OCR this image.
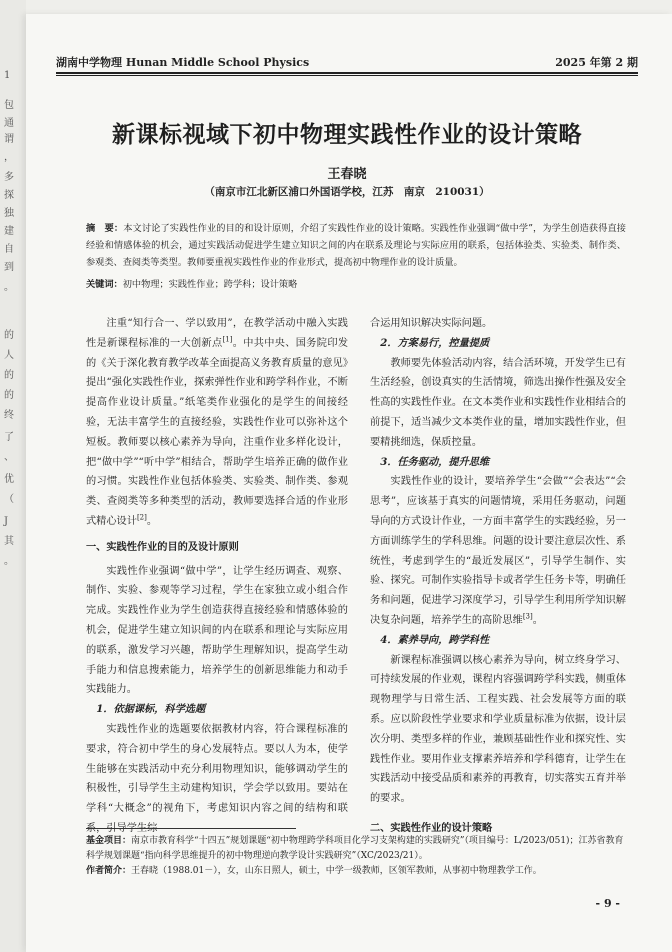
1
包
通
谓
，
多
探
独
建
自
到
。
的
人
的
的
终
了
、
优
（
J
其
。
湖南中学物理 Hunan Middle School Physics	2025 年第 2 期
新课标视域下初中物理实践性作业的设计策略
王春晓
（南京市江北新区浦口外国语学校，江苏　南京　210031）
摘　要：本文讨论了实践性作业的目的和设计原则，介绍了实践性作业的设计策略。实践性作业强调“做中学”，为学生创造获得直接经验和情感体验的机会，通过实践活动促进学生建立知识之间的内在联系及理论与实际应用的联系，包括体验类、实验类、制作类、参观类、查阅类等类型。教师要重视实践性作业的作业形式，提高初中物理作业的设计质量。
关键词：初中物理；实践性作业；跨学科；设计策略

注重“知行合一、学以致用”，在教学活动中融入实践性是新课程标准的一大创新点[1]。中共中央、国务院印发的《关于深化教育教学改革全面提高义务教育质量的意见》提出“强化实践性作业，探索弹性作业和跨学科作业，不断提高作业设计质量。”纸笔类作业强化的是学生的间接经验，无法丰富学生的直接经验，实践性作业可以弥补这个短板。教师要以核心素养为导向，注重作业多样化设计，把“做中学”“听中学”相结合，帮助学生培养正确的做作业的习惯。实践性作业包括体验类、实验类、制作类、参观类、查阅类等多种类型的活动，教师要选择合适的作业形式精心设计[2]。

一、实践性作业的目的及设计原则

实践性作业强调“做中学”，让学生经历调查、观察、制作、实验、参观等学习过程，学生在家独立或小组合作完成。实践性作业为学生创造获得直接经验和情感体验的机会，促进学生建立知识间的内在联系和理论与实际应用的联系，激发学习兴趣，帮助学生理解知识，提高学生动手能力和信息搜索能力，培养学生的创新思维能力和动手实践能力。

1．依据课标，科学选题

实践性作业的选题要依据教材内容，符合课程标准的要求，符合初中学生的身心发展特点。要以人为本，使学生能够在实践活动中充分利用物理知识，能够调动学生的积极性，引导学生主动建构知识，学会学以致用。要站在学科“大概念”的视角下，考虑知识内容之间的结构和联系，引导学生综

合运用知识解决实际问题。

2．方案易行，控量提质

教师要先体验活动内容，结合活环境，开发学生已有生活经验，创设真实的生活情境，筛选出操作性强及安全性高的实践性作业。在文本类作业和实践性作业相结合的前提下，适当减少文本类作业的量，增加实践性作业，但要精挑细选，保质控量。

3．任务驱动，提升思维

实践性作业的设计，要培养学生“会做”“会表达”“会思考”，应该基于真实的问题情境，采用任务驱动，问题导向的方式设计作业，一方面丰富学生的实践经验，另一方面训练学生的学科思维。问题的设计要注意层次性、系统性，考虑到学生的“最近发展区”，引导学生制作、实验、探究。可制作实验指导卡或者学生任务卡等，明确任务和问题，促进学习深度学习，引导学生利用所学知识解决复杂问题，培养学生的高阶思维[3]。

4．素养导向，跨学科性

新课程标准强调以核心素养为导向，树立终身学习、可持续发展的作业观，课程内容强调跨学科实践，侧重体现物理学与日常生活、工程实践、社会发展等方面的联系。应以阶段性学业要求和学业质量标准为依据，设计层次分明、类型多样的作业，兼顾基础性作业和探究性、实践性作业。要用作业支撑素养培养和学科德育，让学生在实践活动中接受品质和素养的再教育，切实落实五育并举的要求。

二、实践性作业的设计策略
基金项目：南京市教育科学“十四五”规划课题“初中物理跨学科项目化学习支架构建的实践研究”（项目编号：L/2023/051)；江苏省教育科学规划课题“指向科学思维提升的初中物理逆向教学设计实践研究”（XC/2023/21）。
作者简介：王春晓（1988.01－），女，山东日照人，硕士，中学一级教师，区领军教师，从事初中物理教学工作。
- 9 -
